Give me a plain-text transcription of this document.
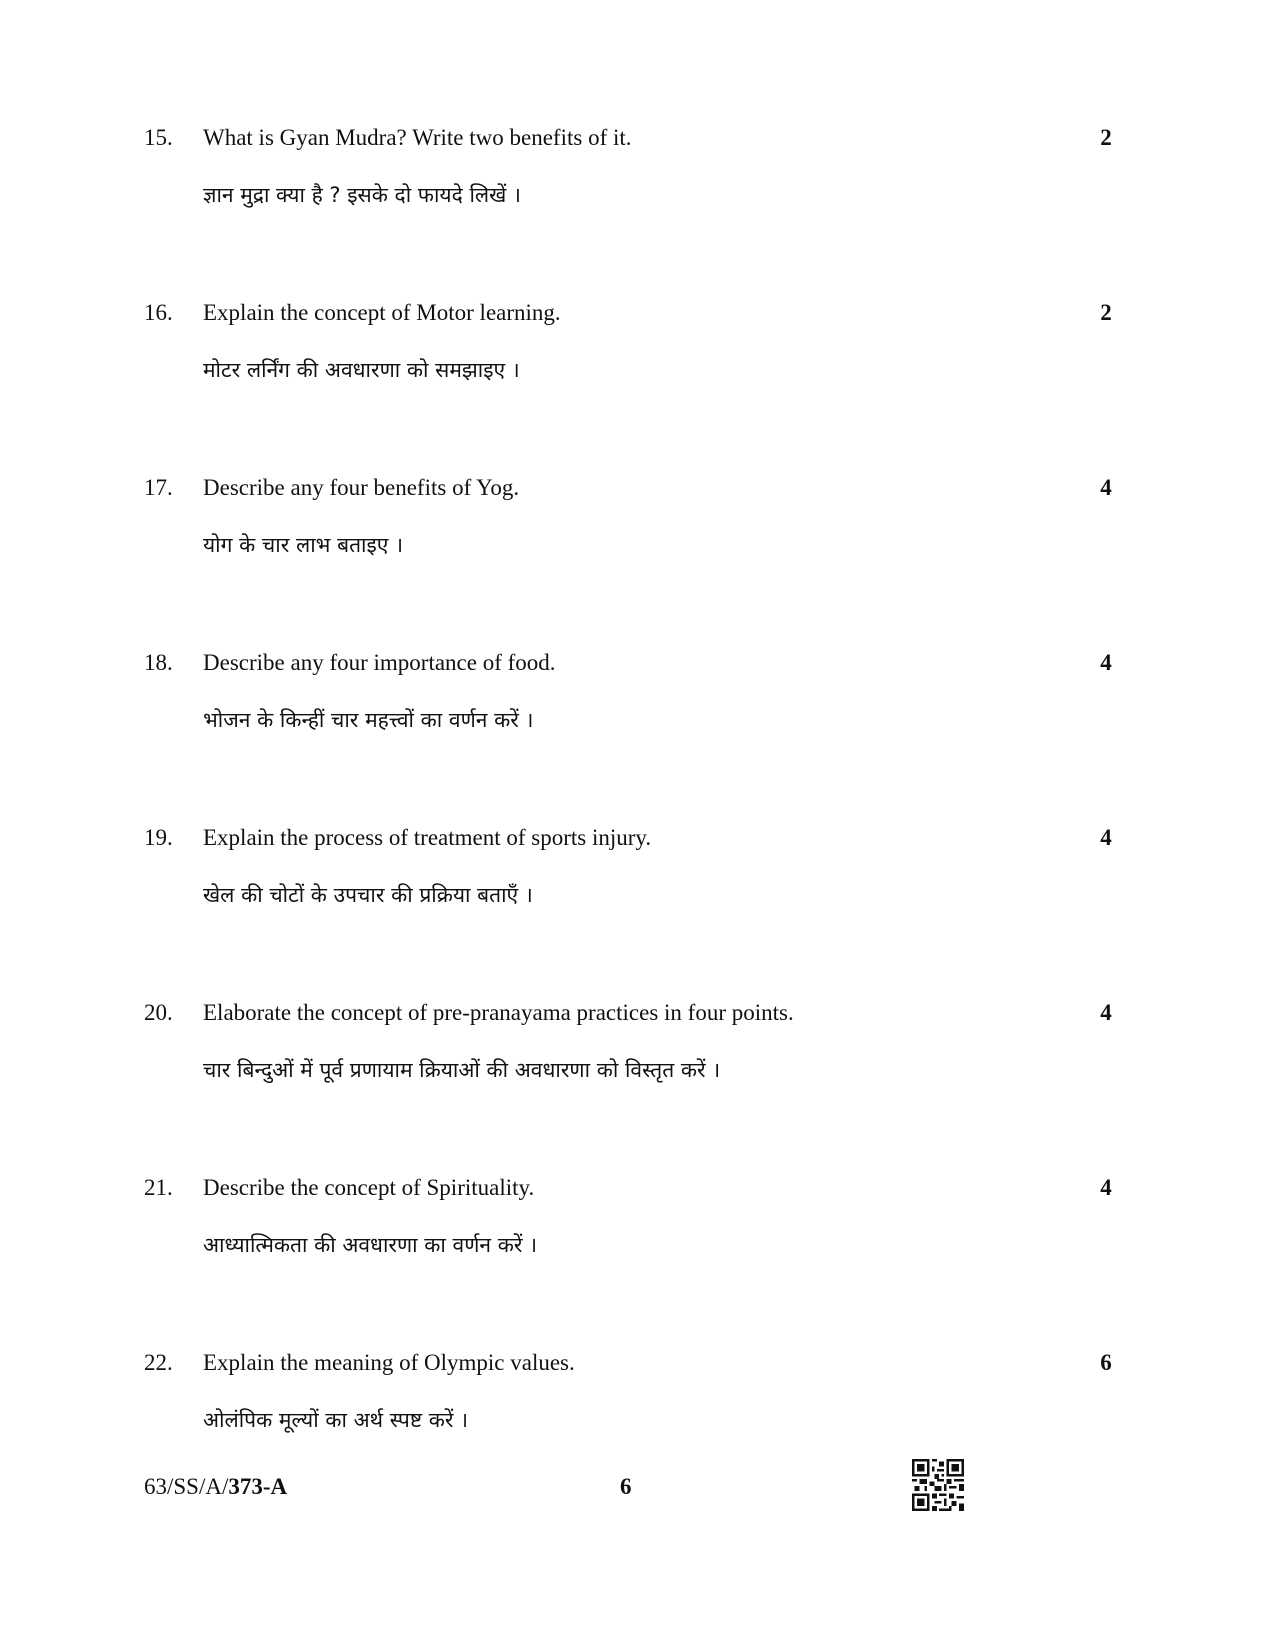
15. What is Gyan Mudra? Write two benefits of it.
ज्ञान मुद्रा क्या है ? इसके दो फायदे लिखें ।
2
16. Explain the concept of Motor learning.
मोटर लर्निंग की अवधारणा को समझाइए ।
2
17. Describe any four benefits of Yog.
योग के चार लाभ बताइए ।
4
18. Describe any four importance of food.
भोजन के किन्हीं चार महत्त्वों का वर्णन करें ।
4
19. Explain the process of treatment of sports injury.
खेल की चोटों के उपचार की प्रक्रिया बताएँ ।
4
20. Elaborate the concept of pre-pranayama practices in four points.
चार बिन्दुओं में पूर्व प्रणायाम क्रियाओं की अवधारणा को विस्तृत करें ।
4
21. Describe the concept of Spirituality.
आध्यात्मिकता की अवधारणा का वर्णन करें ।
4
22. Explain the meaning of Olympic values.
ओलंपिक मूल्यों का अर्थ स्पष्ट करें ।
6
63/SS/A/373-A	6
